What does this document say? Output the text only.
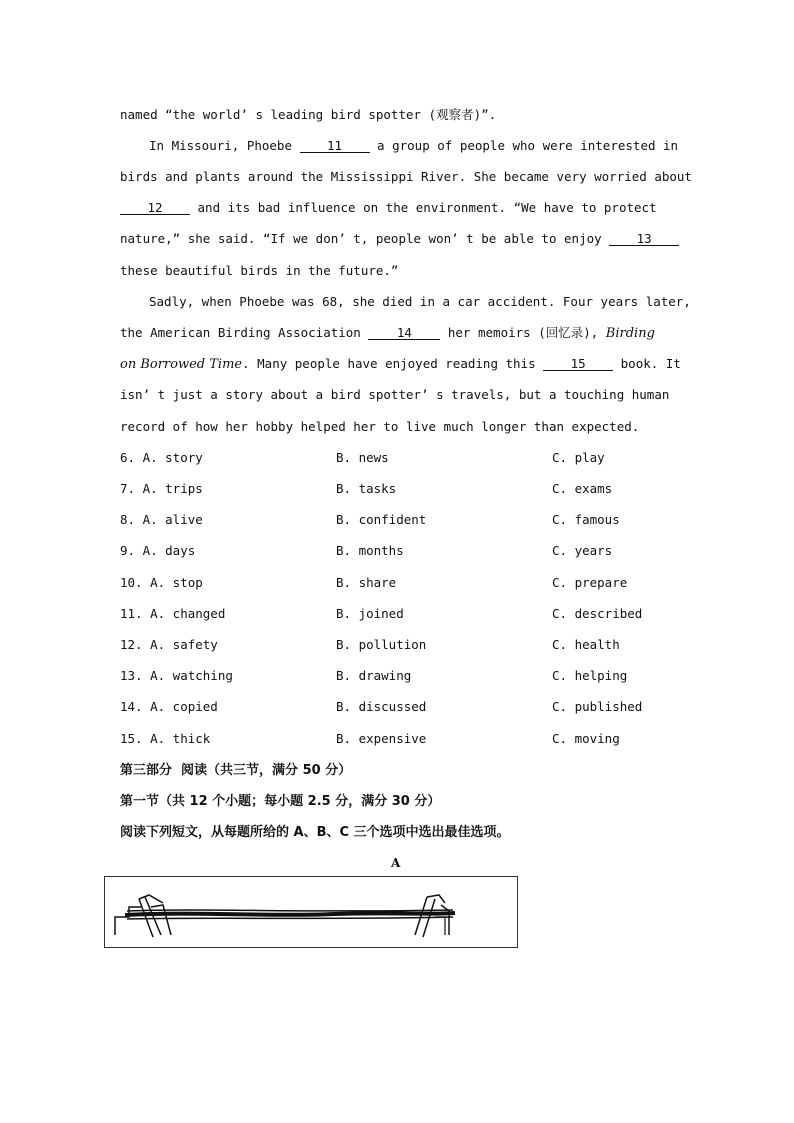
named “the world’ s leading bird spotter (观察者)”.
In Missouri, Phoebe 11 a group of people who were interested in
birds and plants around the Mississippi River. She became very worried about
12 and its bad influence on the environment. “We have to protect
nature,” she said. “If we don’ t, people won’ t be able to enjoy 13
these beautiful birds in the future.”
Sadly, when Phoebe was 68, she died in a car accident. Four years later,
the American Birding Association 14 her memoirs (回忆录), Birding
on Borrowed Time. Many people have enjoyed reading this 15 book. It
isn’ t just a story about a bird spotter’ s travels, but a touching human
record of how her hobby helped her to live much longer than expected.
6. A. story	B. news	C. play
7. A. trips	B. tasks	C. exams
8. A. alive	B. confident	C. famous
9. A. days	B. months	C. years
10. A. stop	B. share	C. prepare
11. A. changed	B. joined	C. described
12. A. safety	B. pollution	C. health
13. A. watching	B. drawing	C. helping
14. A. copied	B. discussed	C. published
15. A. thick	B. expensive	C. moving
第三部分  阅读（共三节，满分 50 分）
第一节（共 12 个小题；每小题 2.5 分，满分 30 分）
阅读下列短文，从每题所给的 A、B、C 三个选项中选出最佳选项。
A
